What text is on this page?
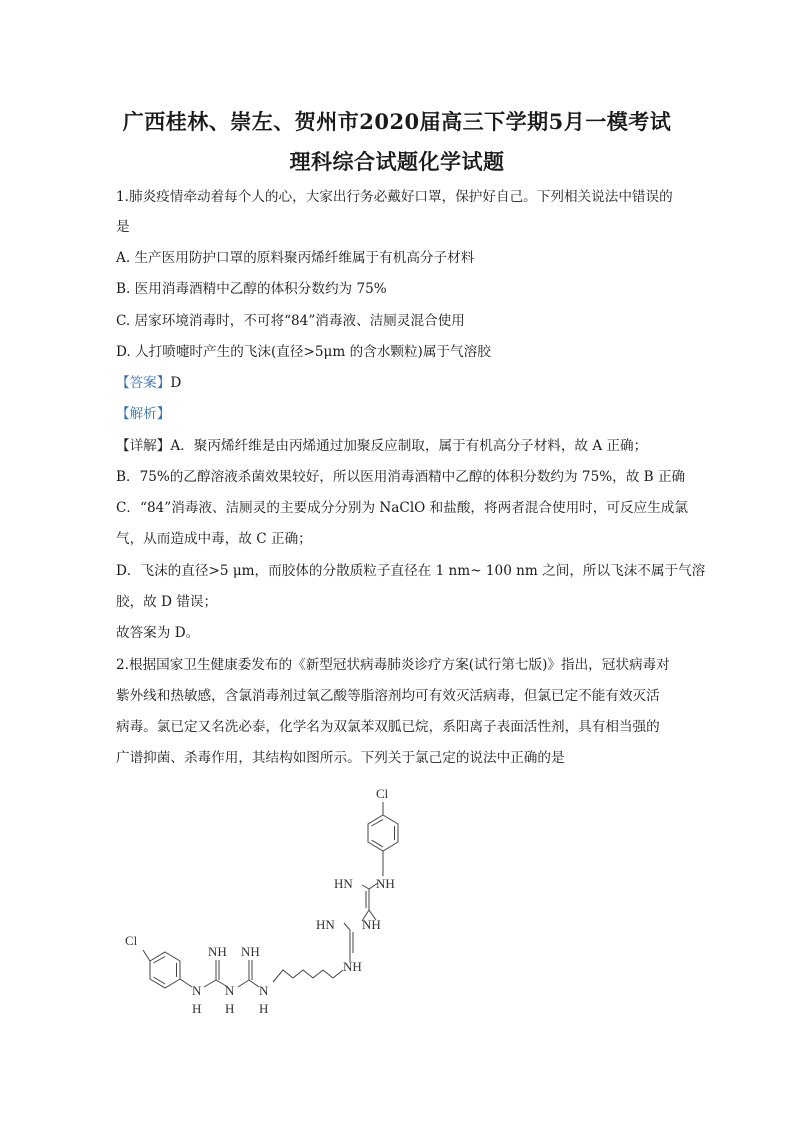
广西桂林、崇左、贺州市2020届高三下学期5月一模考试
理科综合试题化学试题
1.肺炎疫情牵动着每个人的心，大家出行务必戴好口罩，保护好自己。下列相关说法中错误的
是
A. 生产医用防护口罩的原料聚丙烯纤维属于有机高分子材料
B. 医用消毒酒精中乙醇的体积分数约为 75%
C. 居家环境消毒时，不可将“84”消毒液、洁厕灵混合使用
D. 人打喷嚏时产生的飞沫(直径>5μm 的含水颗粒)属于气溶胶
【答案】D
【解析】
【详解】A．聚丙烯纤维是由丙烯通过加聚反应制取，属于有机高分子材料，故 A 正确；
B．75%的乙醇溶液杀菌效果较好，所以医用消毒酒精中乙醇的体积分数约为 75%，故 B 正确
C．“84”消毒液、洁厕灵的主要成分分别为 NaClO 和盐酸，将两者混合使用时，可反应生成氯
气，从而造成中毒，故 C 正确；
D．飞沫的直径>5 μm，而胶体的分散质粒子直径在 1 nm~ 100 nm 之间，所以飞沫不属于气溶
胶，故 D 错误；
故答案为 D。
2.根据国家卫生健康委发布的《新型冠状病毒肺炎诊疗方案(试行第七版)》指出，冠状病毒对
紫外线和热敏感，含氯消毒剂过氧乙酸等脂溶剂均可有效灭活病毒，但氯已定不能有效灭活
病毒。氯已定又名洗必泰，化学名为双氯苯双胍已烷，系阳离子表面活性剂，具有相当强的
广谱抑菌、杀毒作用，其结构如图所示。下列关于氯己定的说法中正确的是
Cl
NH
HN
HN NH
NH
Cl
NH NH
N N N
H H H
